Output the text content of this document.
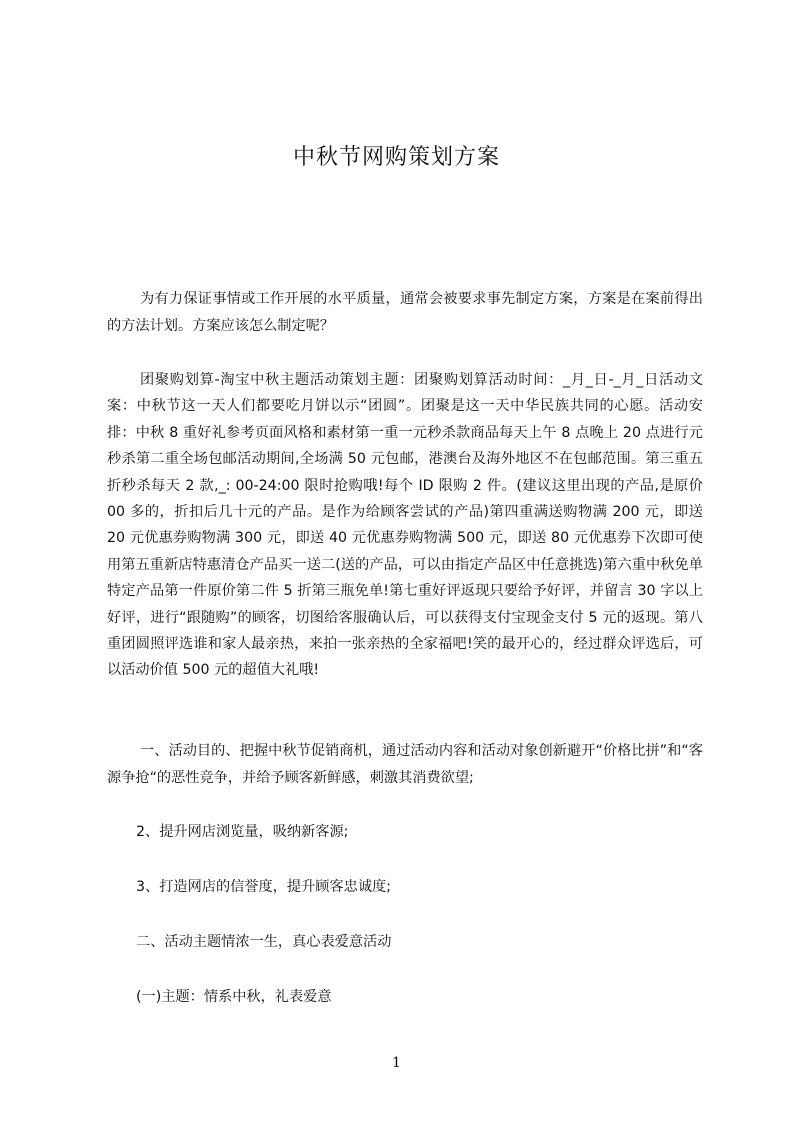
中秋节网购策划方案

为有力保证事情或工作开展的水平质量，通常会被要求事先制定方案，方案是在案前得出的方法计划。方案应该怎么制定呢？

团聚购划算-淘宝中秋主题活动策划主题：团聚购划算活动时间：_月_日-_月_日活动文案：中秋节这一天人们都要吃月饼以示“团圆”。团聚是这一天中华民族共同的心愿。活动安排：中秋 8 重好礼参考页面风格和素材第一重一元秒杀款商品每天上午 8 点晚上 20 点进行元秒杀第二重全场包邮活动期间,全场满 50 元包邮，港澳台及海外地区不在包邮范围。第三重五折秒杀每天 2 款,_: 00-24:00 限时抢购哦!每个 ID 限购 2 件。(建议这里出现的产品,是原价 00 多的，折扣后几十元的产品。是作为给顾客尝试的产品)第四重满送购物满 200 元，即送 20 元优惠券购物满 300 元，即送 40 元优惠券购物满 500 元，即送 80 元优惠券下次即可使用第五重新店特惠清仓产品买一送二(送的产品，可以由指定产品区中任意挑选)第六重中秋免单特定产品第一件原价第二件 5 折第三瓶免单!第七重好评返现只要给予好评，并留言 30 字以上好评，进行“跟随购”的顾客，切图给客服确认后，可以获得支付宝现金支付 5 元的返现。第八重团圆照评选谁和家人最亲热，来拍一张亲热的全家福吧!笑的最开心的，经过群众评选后，可以活动价值 500 元的超值大礼哦!

一、活动目的、把握中秋节促销商机，通过活动内容和活动对象创新避开“价格比拼”和“客源争抢“的恶性竞争，并给予顾客新鲜感，刺激其消费欲望;

2、提升网店浏览量，吸纳新客源;

3、打造网店的信誉度，提升顾客忠诚度;

二、活动主题情浓一生，真心表爱意活动

(一)主题：情系中秋，礼表爱意

1
